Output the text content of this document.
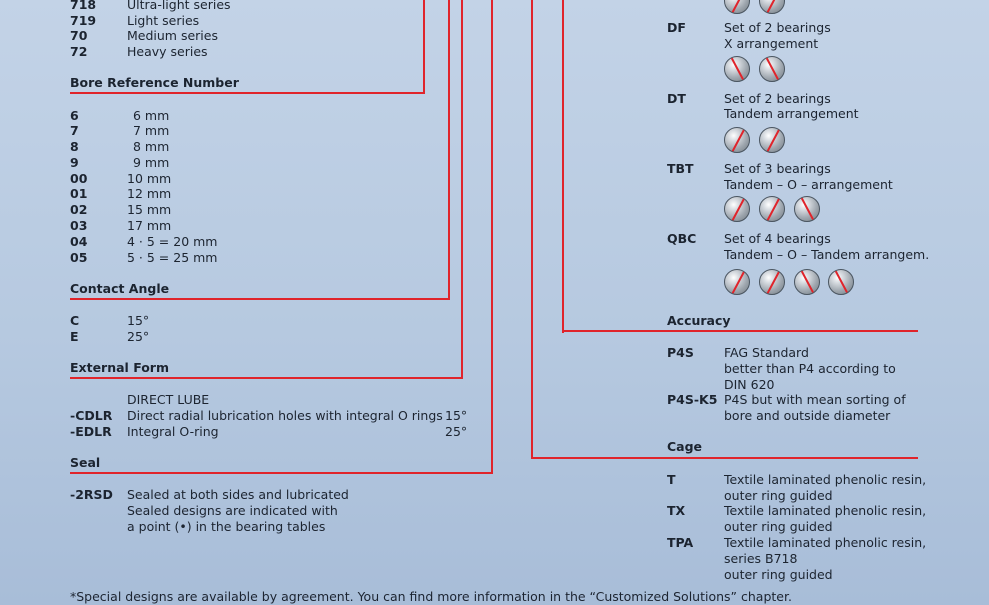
718 Ultra-light series
719 Light series
70	Medium series
72	Heavy series
Bore Reference Number
6	6 mm
7	7 mm
8	8 mm
9	9 mm
00	10 mm
01	12 mm
02	15 mm
03	17 mm
04	4 · 5 = 20 mm
05	5 · 5 = 25 mm
Contact Angle
C	15°
E	25°
External Form
DIRECT LUBE
-CDLR Direct radial lubrication holes with integral O rings 15°
-EDLR Integral O-ring	25°
Seal
-2RSD Sealed at both sides and lubricated
Sealed designs are indicated with
a point (•) in the bearing tables
DF	Set of 2 bearings
X arrangement
DT	Set of 2 bearings
Tandem arrangement
TBT Set of 3 bearings
Tandem – O – arrangement
QBC Set of 4 bearings
Tandem – O – Tandem arrangem.
Accuracy
P4S FAG Standard
better than P4 according to
DIN 620
P4S-K5 P4S but with mean sorting of
bore and outside diameter
Cage
T	Textile laminated phenolic resin,
outer ring guided
TX	Textile laminated phenolic resin,
outer ring guided
TPA Textile laminated phenolic resin,
series B718
outer ring guided
*Special designs are available by agreement. You can find more information in the “Customized Solutions” chapter.
